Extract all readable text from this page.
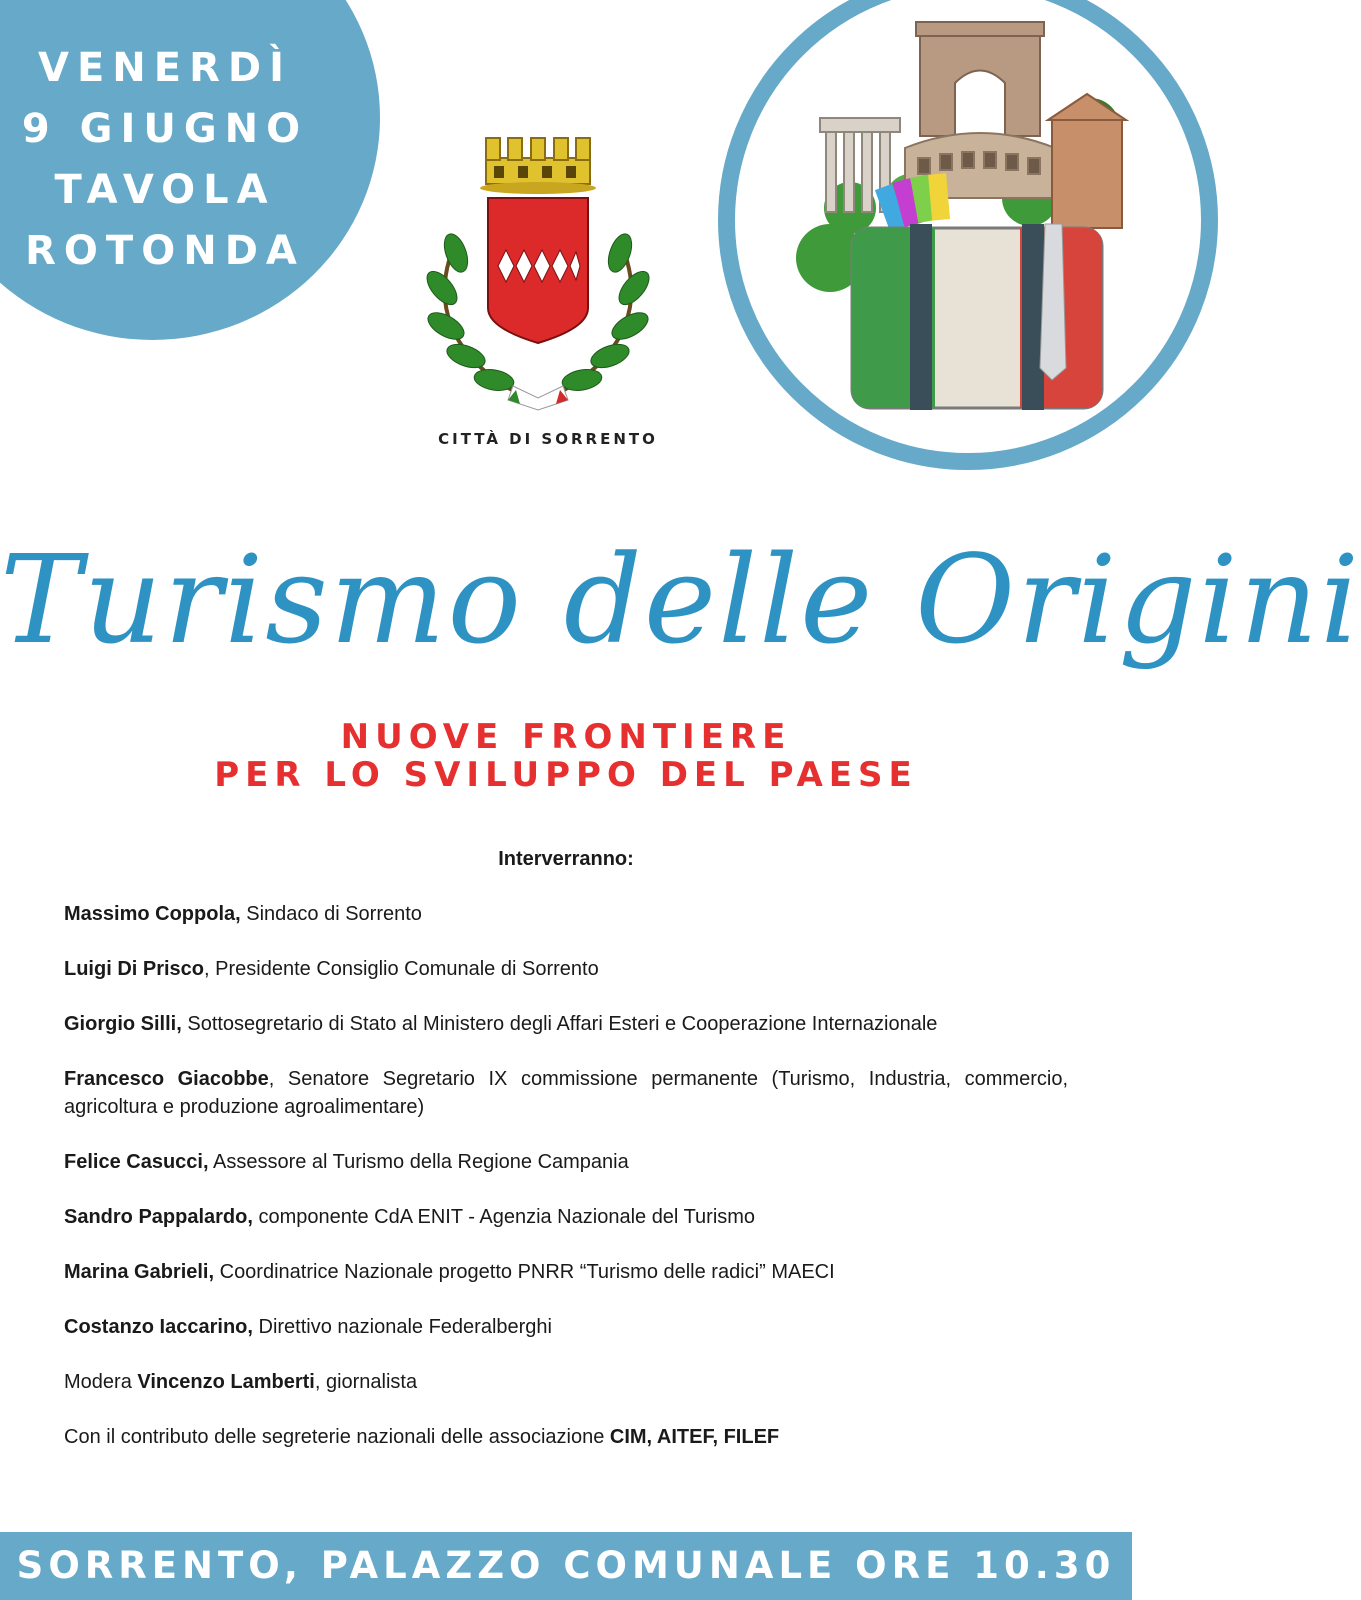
VENERDÌ
9 GIUGNO
TAVOLA
ROTONDA
CITTÀ DI SORRENTO
Turismo delle Origini
NUOVE FRONTIERE
PER LO SVILUPPO DEL PAESE
Interverranno:
Massimo Coppola, Sindaco di Sorrento
Luigi Di Prisco, Presidente Consiglio Comunale di Sorrento
Giorgio Silli, Sottosegretario di Stato al Ministero degli Affari Esteri e Cooperazione Internazionale
Francesco Giacobbe, Senatore Segretario IX commissione permanente (Turismo, Industria, commercio, agricoltura e produzione agroalimentare)
Felice Casucci, Assessore al Turismo della Regione Campania
Sandro Pappalardo, componente CdA ENIT - Agenzia Nazionale del Turismo
Marina Gabrieli, Coordinatrice Nazionale progetto PNRR “Turismo delle radici” MAECI
Costanzo Iaccarino, Direttivo nazionale Federalberghi
Modera Vincenzo Lamberti, giornalista
Con il contributo delle segreterie nazionali delle associazione CIM, AITEF, FILEF
SORRENTO, PALAZZO COMUNALE ORE 10.30
